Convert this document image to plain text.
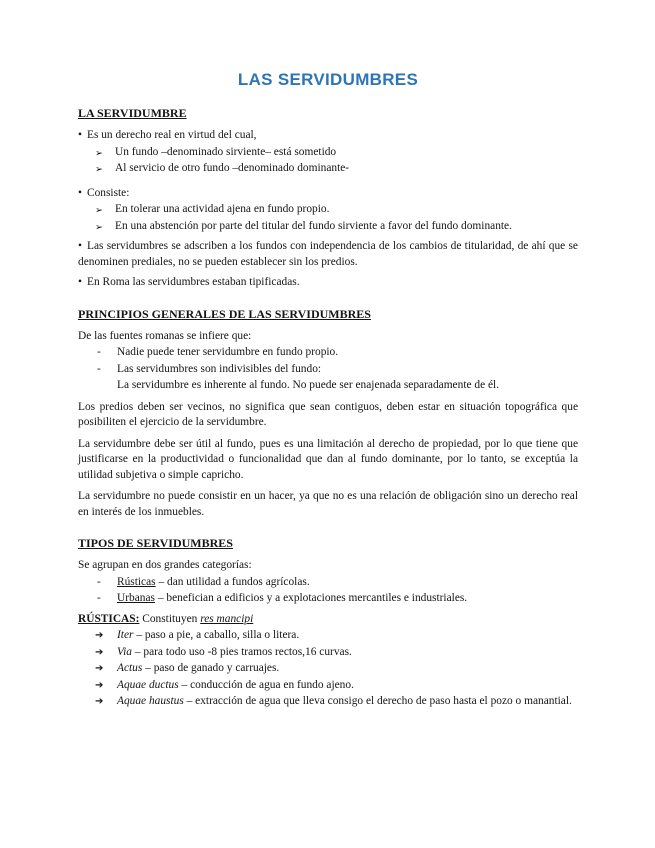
LAS SERVIDUMBRES
LA SERVIDUMBRE
• Es un derecho real en virtud del cual,
➢ Un fundo –denominado sirviente– está sometido
➢ Al servicio de otro fundo –denominado dominante-
• Consiste:
➢ En tolerar una actividad ajena en fundo propio.
➢ En una abstención por parte del titular del fundo sirviente a favor del fundo dominante.
• Las servidumbres se adscriben a los fundos con independencia de los cambios de titularidad, de ahí que se denominen prediales, no se pueden establecer sin los predios.
• En Roma las servidumbres estaban tipificadas.
PRINCIPIOS GENERALES DE LAS SERVIDUMBRES
De las fuentes romanas se infiere que:
- Nadie puede tener servidumbre en fundo propio.
- Las servidumbres son indivisibles del fundo:
La servidumbre es inherente al fundo. No puede ser enajenada separadamente de él.
Los predios deben ser vecinos, no significa que sean contiguos, deben estar en situación topográfica que posibiliten el ejercicio de la servidumbre.
La servidumbre debe ser útil al fundo, pues es una limitación al derecho de propiedad, por lo que tiene que justificarse en la productividad o funcionalidad que dan al fundo dominante, por lo tanto, se exceptúa la utilidad subjetiva o simple capricho.
La servidumbre no puede consistir en un hacer, ya que no es una relación de obligación sino un derecho real en interés de los inmuebles.
TIPOS DE SERVIDUMBRES
Se agrupan en dos grandes categorías:
- Rústicas – dan utilidad a fundos agrícolas.
- Urbanas – benefician a edificios y a explotaciones mercantiles e industriales.
RÚSTICAS: Constituyen res mancipi
➔ Iter – paso a pie, a caballo, silla o litera.
➔ Via – para todo uso -8 pies tramos rectos,16 curvas.
➔ Actus – paso de ganado y carruajes.
➔ Aquae ductus – conducción de agua en fundo ajeno.
➔ Aquae haustus – extracción de agua que lleva consigo el derecho de paso hasta el pozo o manantial.
